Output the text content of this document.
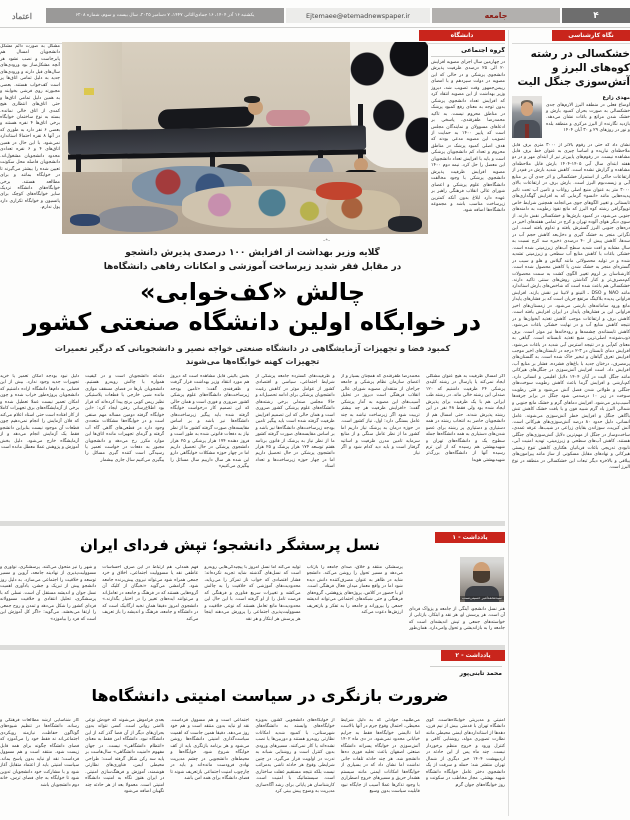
۴
جامعه
Ejtemaee@etemadnewspaper.ir
یکشنبه ۱۶ آذر ۱۴۰۴، ۱۶ جمادی‌الثانی ۱۴۴۷، ۷ دسامبر ۲۰۲۵، سال بیست و سوم، شماره ۶۲۰۸
اعتماد
نگاه کارشناسی
دانشگاه
خشکسالی در رشته کوه‌های البرز و آتش‌سوزی جنگل الیت
مهدی زارع
اوضاع فعلی در منطقه البرز الارم‌های جدی خشکسالی به صورت بحران کمبود بارش و خشک شدن مراتع و باغات نشان می‌دهد. بازدید نگارنده از البرز مرکزی و منطقه بلده و نور در روزهای ۲۹ و ۳۰ آبان ۱۴۰۴
نشان داد که حتی در رقوم بالاتر از ۳۰۰۰ متری برف قابل ملاحظه‌ای نباریده و اساسا چیزی به عنوان خط برف قابل مشاهده نیست. در رقوم‌های پایین‌تر نیز از ابتدای مهر و در دو هفته ابتدای سال آبی ۱۴۰۵-۱۴۰۴ بارش قابل ملاحظه‌ای مشاهده و گزارش نشده است. کاهش شدید بارش در قم‌در از ارتفاعات حاکی از استمرار خشکسالی و اثر جدی آن بر منابع آبی و زیست‌بوم البرز است. بارش برف در ارتفاعات بالای ۳۰۰۰ متر به عنوان منبع اصلی رواناب و تامین آب تحت تاثیر پدیده‌هایی مانند «انسو» گرمایی که به افزایش گهگداری‌های تابستانی و تغییر الگوهای جوی می‌انجامد همچنین شرایط خاص توپوگرافی رشته کوه البرز که مانع نفوذ رطوبت به دامنه‌های جنوبی می‌شود، در کمبود بارش‌ها و خشکسالی نقش دارند. از سوی دیگر هوای آلوده تهران و کرج در تمامی هفته‌های اخیر در دره‌های جنوبی البرز گسترش یافته و تداوم یافته است. این نگرانی منجر به خشک گیری و دخل‌بعد کاهش حجم آب در سدها، کاهش پیش از ۴۰ درصدی ذخیره سد کرج نسبت به سال مشابه و افت شدید سطح آب‌های زیرزمینی شده است. خشکی باغات با کاهش منابع آب سطحی و زیرزمینی تشدید شده و در تولید محصولاتی مانند گیلاس و هلو و سیب در گستره‌ای منجر به خشک شدن یا کاهش محصول شده است. کارشناسان بر لزوم تغییر الگوی کشت به سمت محصولات کم‌مصرف‌تر و کنار گذاشتن روش‌های سنتی تاکید دارند. خشکسالی هم باعث شده است که شاخص‌های بارش استاندارد مانند NAO و DSO ـ النینو و لانینا نیز نقش بازند. افزایش فراوانی پدیده بلاکینگ مرتفع جریان است که بر فشارهای پایدار مانع ورود سامانه‌های بارشی می‌شود. در زمستان‌های اخیر فراوانی این بر فشارهای پایدار در ایران افزایش یافته است. کاهش برف و ارتفاعات موجب کاهش تغذیه آبخوان‌ها و در نتیجه کاهش منابع آب و در نهایت خشکی باغات می‌شود. کاهش تابستانه‌ی چشمه‌ها و رودخانه‌ها نیز موثر است. برف ذوب‌شونده اصلی‌ترین منبع تغذیه تابستانه است. گیاهی به معنای کم‌آبی و در نتیجه استرس آبی شدید در باغات می‌شود. افزایش دمای تابستان در ۳-۲ درجه در تابستان‌های اخیر موجب افزایش تعرق گیاهان و تبخیر خاک شده است. به گلستان‌های پرمصرف، درختان جدید با باغ‌های فشرده، فشار بر منابع آب، افزایش داد. است افزایش آتش‌سوزی در جنگل‌های هیرکانی مانند جنگل الیت در آبان ۱۴۰۴ دلایل اقلیمی و انسانی دارد. کم‌بارشی و افزایش گرما باعث کاهش رطوبت سوخت‌های جنگلی و طولانی شدن فصل آتش می‌شود و قتی رطوبت سوخت در زیر ۱۰ درصدمی شود جنگل در برابر جرقه‌ها آسیب‌پذیر می‌شود. افزایش دماهای گرم و خشک مانع جنوبی و شمالی البرز باد گرم شبیه فون و با بافت خشک کاهش تنش باگاهی جنگل و افزایش خطر آتش‌سوزی می‌شوند. عامل انسانی، دلیل حدود ۸۰ درصد آتش‌سوزی‌های هیرکانی است. آتش کبریت، سوزاندن بقایای زراعی در شیب‌ها، عرقه عمدی، ساخت‌وساز در جنگل از مهم‌ترین دلایل آتش‌سوزی‌های جنگلی هستند. کاهش آب‌های سطحی و زیرزمینی، تهدید امنیت آبی، نابودی تدریجی باغات قربانیان هکتاری کاهش تنوع زیستی هیرکانی و نهادهای مقابل مسکونی از ساز مانند پیرامون‌های ییلاقی و بالاخره دیگر تبعات این خشکسالی در منطقه در نوع البرز است.
مشکل به صورت دائم مشکل دانشجویان امسال هم پابرجاست و نصب نشود هر آنچه مشکل‌ساز بود ورودی‌های سال‌های قبل دارند و ورودی‌های جدید به دلیل تمامی اتاق‌ها پر است کف‌خواب هستند. بعضی مجبورند روی فرشی بخوابند و به همین دلیل تمامی اتاق‌ها و حتی اتاق‌های انتظاری هیچ کمدی از اتاق خالی نمانده. بسته به نوع ساختمان خوابگاه برخی اتاق‌ها ۴ نفره هستند و بعضی ۶ نفر دارد به طوری که در آنها ۸ نفره احتمالا استاندارد نمی‌شود. با این حال در همین اتاق‌های ۴ و ۶ نفره تعدادی محدود دانشجویان مشغول‌اند. دانشجویان فاصله محل سکونت تعیین شده را بیشتر می‌گیرند تا در خوابگاه بمانند و برای مطالعه هستند. برخی خوابگاه‌های دانشگاه نزدیک سایر خوابگاه‌های کوچک برای پانسیون و خوابگاه تکراری دارد پول ندارم.
گروه اجتماعی
در چهارمین سال اجرای مصوبه افزایش ۲۰ الی ۲۵ درصدی ظرفیت پذیرش دانشجوی پزشکی و در حالی که این مصوبه در دولت سیزدهم و با امضای رییس‌جمهور وقت تصویب شد، دیروز وزیر بهداشت از این مصوبه انتقاد کرد که افزایش تعداد دانشجوی پزشکی بدون توجه به معنای رفع کمبود پزشک در مناطق محروم نیست. به تاکید محمدرضا ظفرقندی، پاسخی بر ادعاهای مسوولان و نمایندگان مجلس است که پاییز ۱۴۰۰ به حمایت از تصویب این مصوبه مدعی بودند که هدف اصلی کمبود پزشک در مناطق محروم و تعداد کم دانشجویان پزشکی است و باید با افزایش تعداد دانشجویان این معضل را حل کرد. نیمه دوم ۱۴۰۰ مصوبه افزایش ظرفیت پذیرش دانشجوی پزشکی با وجود مخالفت دانشگاه‌های علوم پزشکی و اعضای شورای عالی انقلاب فرهنگی راهبر بر عهده دارد ابلاغ بدون آنکه کمترین زیرساخت مناسب باشد و مجموعه دانشگاه‌ها اضافه شود.
ـ٭ـ
گلایه وزیر بهداشت از افزایش ۱۰۰ درصدی پذیرش دانشجو
در مقابل فقر شدید زیرساخت آموزشی و امکانات رفاهی دانشگاه‌ها
چالش «کف‌خوابی»
در خوابگاه اولین دانشگاه صنعتی کشور
کمبود فضا و تجهیزات آزمایشگاهی در دانشگاه صنعتی خواجه نصیر و دانشجویانی که درگیر تعمیرات تجهیزات کهنه خوابگاه‌ها می‌شوند
اگر امسال ظرفیت به هیچ عنوان مشکلی ایجاد نمی‌کند یا پارسال در رشته کلیدی پزشکی ۲۴ ظرفیت داشتیم که ۱۲۰ صندلی این رشته خالی ماند. در رشته طب ایرانی هم با یک ظرفیت برای پذیرش ایجاد شده بود ولی فقط ۴۸ نفر در این رشته پذیرش شدند. حتی امسال هم از دانشجویان حاضر به انتخاب رشته در همه دستیاری و دستیاری پر رشته برای عضو شدن‌های دستیاری به همه دانشگاه‌ها جمله سطوح یک و دانشگاه‌های تهران و شهیدبهشتی هم رسیده که از این ترم رسیده آنها از دانشگاه‌های بزرگ‌تر شهیدبهشتی هویدا
محمدرضا ظفرقندی که همچنان بسیار و از اعضای سازمان نظام پزشکی و جامعه جراحان از منتقدان مصوبه شورای عالی انقلاب فرهنگی است دیروز در تحلیل آسیب‌های این مصوبه به آمار پزشکی گفت: «افزایش ظرفیت هر چه بیشتر تربیت شود اگر زیرساخت نباشد به چند عامل بستگی دارد: اول، نیاز کشور است. در حوزه درمان به پزشک نیاز داریم اما کشور ما از نظر عامل سنگی و از منابع سرمایه تامین مدرن ظرفیت و اساتید گرفتار است و باید دید کدام شود و اگر نیاز
و ظرفیت‌های گسترده جامعه پزشکی از شرایط اجتماعی، سیاسی و اقتصادی کشور از عوامل موثر در کاهش رغبت دانشجویان پزشکی برای ادامه تحصیل‌اند و حالا مجلس صندلی برخی رشته‌های دانشگاه‌های علوم پزشکی کشور ضروری است و همان حالی که این تصمیم افزایش ظرفیت گرفته شده است باید پیگیر تامین بودجه زیرساخت‌های دانشگاه‌ها نیز باشد و بر اساس مقایسه‌های صورت گرفته کشور ما از نظر نیاز به پزشک از قانون برنامه هفتم توسعه ۱۷۴ هزار پزشک و ۲۵ هزار دانشجوی پزشکی در حال تحصیل داریم اما در چهار حوزه زیرساخت‌ها و تعداد استاد
بخش بالینی قابل مشاهده است که دیروز هم مورد انتقاد وزیر بهداشت قرار گرفت و ظفرقندی گفت: «تامین بودجه زیرساخت‌های دانشگاه‌های علوم پزشکی کشور ضروری و فوری است و همان حالی که این تصمیم کار درخواست خوابگاه گرفته شده باید پیگیر زیرساخت‌های دانشگاه‌ها نیز باشد و بر اساس مقایسه‌های صورت گرفته کشور ما از نظر نیاز به دفعات قانونی شده به طور است و فروز دهنده ۱۷۴ هزار پزشکی و ۲۵ هزار دانشجوی پزشکی در حال تحصیل داریم اما در چهار حوزه مشکلات خوابگاهی دارو این شده هر سال دارییم سال مسائل را پیگیری می‌کنیم»
دغدغه دانشجویان است و در کیفیت همواره با چالش روبه‌رو هستیم. دانشجویان بارها در فضای مسقف موازی مانده شبی خارجی با قطعات پلاستیکی نظیر رپس کوبی برنج پیدا کرده‌اند که قرار بود اطلاع‌رسانی رفتن ایجاد کرد: «این خوابگاه گرفته دومین مساله مهم صنفی است و در خوابگاه‌ها مشکلات متعددی وجود دارد در قطعی‌های گاهی گاه آب گرفته و گرمای تجهیزات مانده اتاق‌ها این موارد مکرر رخ می‌دهد و دانشجویان مجبور به دفعات در خواست تعمیر یا رسیدگی است کننده گیری مسائل را پیگیری می‌کنیم سال جاری بیشمار
دلیل نبود بودجه امکان تعمیر یا خرید تجهیزات جدید وجود ندارد. بیش از این فضایی به دام‌ها دانشگاه اراده داشتیم که دانشجویان پروژه‌طور خراب شده و چون امکان تعمیر نیست عملا تعطیل شده و برخی از آزمایشگاه‌های برق تجهیزات کاملا از کار افتاده است حتی استاد اعلام می‌کند که فلان آزمایش را انجام نمی‌دهیم چون قطعات آن موجود نیست بنابراین دانشجو فقط یک آزمایش انجام می‌دهد و از آزمایشگاه خارج می‌شود. دلیل بخش آموزش و پژوهش عملا معطل مانده است
یادداشت - ۱
نسل پرسشگر دانشجو؛ تپش فردای ایران
سیدمحمدامیر حسینی‌نسب
هنر نسل دانشجو، آینگی از جامعه و پژواک فردای آن است. هر پرسش او، هر نقد و ابتکار، بازتابی از خواسته‌های جمعی و تپش اندیشه‌ای است که جامعه را به بازاندیشی و تحول وامی‌دارد. همان‌طور
پرسشگر، منتقد و خلاق، صدای جامعه را بازتاب می‌دهد و مسیر تحول را روشن می‌کند. دانشجو شاید در ظاهر به عنوان مصرف‌کننده دانش دیده شود اما در واقع معمار میدان فعال فرهنگی است. او با حضور در کلاس، پروژه‌های پژوهشی، گروه‌های فرهنگی و حتی شبکه‌های اجتماعی می‌تواند اندیشه جمعی را بپروراند و جامعه را به تفکر و بازتعریف ارزش‌ها دعوت می‌کند
تولید می‌کند اما نسل امروز با پیچیدگی‌هایی روبه‌رو است که نسل‌های گذشته شاید تجربه نکرده‌اند: فشار اقتصادی که خواب ناز تمرکز را می‌رباید، محدودیت‌های آموزشی که خلاقیت را به چالش می‌کشد و تغییرات سریع فناوری و فرهنگی که فرصت تامل را از او گرفته است. با این حال این محدودیت‌ها مانع تعامل هستند که نوعی خلاقیت و مسوولیت‌پذیری اجتماعی را پرورش می‌دهند اینجا هر پرسش هر ابتکار و هر نقد
فهم همدلی، هم ارتباط در این صرف احساسات عاطفی نقد یا مسوولیت اجتماعی، اخلاق و خرد جمعی همراه شود می‌تواند نیروی پیش‌برنده جامعه شود. گرامشی می‌گوید «نخبگان از کلیک آن گروه‌هایی هستند که در فرهنگ و جامعه در تعامل‌اند و می‌توانند ایده‌های تغییر را در اختیار بگذارند.» دانشجوی امروز دقیقا همان نخبه ارگانیک است که در دانشگاه و جامعه، فرهنگ و اندیشه را باز تعریف می‌کند
و شهر را نیز متحول می‌کنند. پرسشگری، نوآوری و مسوولیت‌پذیری از نهادینه جامعه، آروین و مسیر توسعه و خلاقیت را اجتماعی می‌سازد. به دلیل روز دانشجو پیش از تبریک و جشن، یادآوری اهمیت نسل جوان و اندیشه مستقل آن است. نسلی که با پرسشگری، تحلیل انتقادی و خلاقیت مسوولانه فردای کشور را شکل می‌دهد و تمدن و روح جمعی را ارتقا می‌بخشد. می‌گوید: «اگر کل آموزش این است که فرد را بیاموزد»
یادداشت - ۲
محمد تابنی‌پور
ضرورت بازنگری در سیاست امنیتی دانشگاه‌ها
امنیتی و مدیریتی خوابگاه‌هاست. کوی دانشگاه تهران با قدمتی بیش از نیم قرن، دهه‌ها از استانداردهای ایمنی محیطی مانند نظارت تصویری مولد، روشنایی کافی و کنترل ورود و خروج منظم برخوردار نیست. چند ماه پس از این حادثه در اردیبهشت ۱۴۰۴ خبر دیگری از شمال تهران منتشر شد: حمله و سرقت از یک دانشجوی دختر عامل خوابگاه دانشگاه شهید بهشتی. مجاز مخاطب در سکونت و روز خوابگاه‌های جوان گرم
می‌طلبید. حوادثی که به دلیل شرایط محیطی، احتمال وقوع جرم در آنها بالاست اما ناایمنی خوابگاه‌ها فقط به جرایم خیابانی محدود نمی‌شود. در دی ماه ۱۴۰۲ آتش‌سوزی در خوابگاه پسرانه دانشگاه صنعتی اصفهان باعث تخلیه فوری ده‌ها دانشجو شد. هر چند حادثه تلفات جانی نداشت اما نشان داد که در بسیاری از خوابگاه‌ها امکانات ایمنی مانند سیستم هشدار حریق و مسیرهای خروج اضطراری با وجود تذکرها عملا آسیب از جایگاه نبود قابلیت سیاست بدون وسیع
از خوابگاه‌های دانشجویی کشور، به‌ویژه خوابگاه‌های وابسته به دانشگاه‌های شهرستانی، با کمبود شدید امکانات نظارتی روبه‌رو هستند و دوربین‌ها یا نصب نشده‌اند یا کار نمی‌کنند. مسیرهای ورودی بدون کنترل است و روشنایی شبانه به ندرت در اولویت قرار می‌گیرد. در چنین شرایطی وقوع هر حادثه ناشی به‌مراتب نیست بلکه نتیجه مستقیم غفلت ساختاری است. سیستماتیک با امنیت است. کارشناسان هر پایانی برای رشد آگاه‌سازی مدیریت به وضوح پیش بینی کرد
اجتماعی است و هم مسوول فرداست. نقد او نباید بدون منتقد است و هم خود روز می‌دهد. دقیقا همین جاست که اهمیت سیاست‌گذاری امنیتی دانشگاه‌ها روشن می‌شود و هر برنامه بازنگری باید از کف خوابگاه شروع شود. خوابگاه‌ها و محیط‌های دانشجویی در چشم مدیریت نهادی فرودست مانده‌اند و باید در چارچوب امنیت اجتماعی بازتعریف شوند تا فضای دانشگاه برای همه امن باشد
بعدی فراموش می‌شوند که خودش نوعی ناامنی روانی است. کسی نتواند بدون بحران‌های دیگر از آن فضا گذر کند از این دانشگاه نبود. دانشگاه امن فقط به معنای «انتظام دانشگاهی» نیست. در جهان مفهوم «امنیت دانشگاهی» سال‌هاست بر پایه سه رکن شکل گرفته است: طراحی محیطی ایمن، فناوری‌های نظارتی هوشمند، آموزش و فرهنگ‌سازی امنیتی. در ایران هنوز نگاه به امنیت دانشگاه امنیتی است. معمولا بعد از هر حادثه چند نگهبان اضافه می‌شود
کار شناسایی ارشد مطالعات فرهنگی و رسانه. دانشگاه‌ها در تنظیم شیوه‌های گوناگون حفاظت، نیازمند رویکردی اجتماعی‌اند نه فقط خود را می‌آموزد که فضای دانشگاه چگونه برای همه قابل زیست شود. منتقد است و هم مسوول فرداست؛ نقد او نباید بدون پاسخ بماند. سیاست امنیتی باید از اعتماد متقابل آغاز شود و با مشارکت خود دانشجویان تدوین شود تا خوابگاه به جای فضای ترس، خانه دوم دانشجویان باشد
